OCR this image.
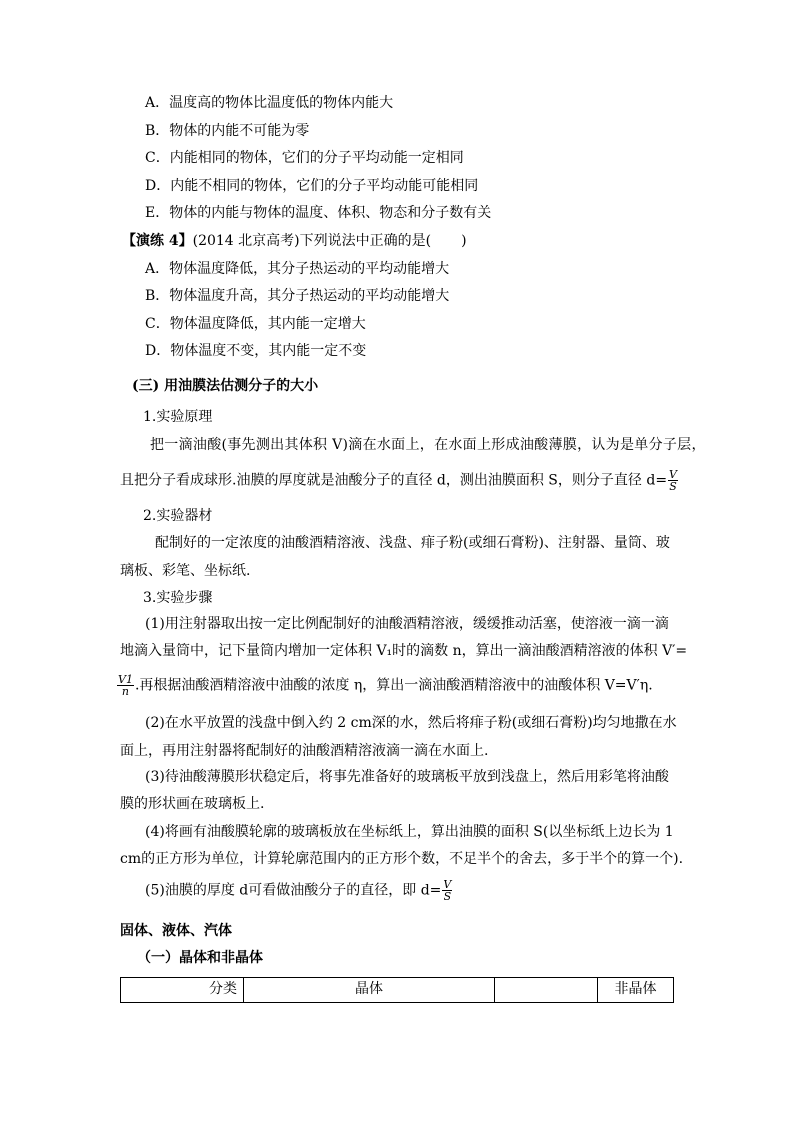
A．温度高的物体比温度低的物体内能大
B．物体的内能不可能为零
C．内能相同的物体，它们的分子平均动能一定相同
D．内能不相同的物体，它们的分子平均动能可能相同
E．物体的内能与物体的温度、体积、物态和分子数有关
【演练 4】(2014 北京高考)下列说法中正确的是( )
A．物体温度降低，其分子热运动的平均动能增大
B．物体温度升高，其分子热运动的平均动能增大
C．物体温度降低，其内能一定增大
D．物体温度不变，其内能一定不变
(三) 用油膜法估测分子的大小
1.实验原理
把一滴油酸(事先测出其体积 V)滴在水面上，在水面上形成油酸薄膜，认为是单分子层，
且把分子看成球形.油膜的厚度就是油酸分子的直径 d，测出油膜面积 S，则分子直径 $d= \frac{V}{S}$
2.实验器材
配制好的一定浓度的油酸酒精溶液、浅盘、痱子粉(或细石膏粉)、注射器、量筒、玻
璃板、彩笔、坐标纸.
3.实验步骤
(1)用注射器取出按一定比例配制好的油酸酒精溶液，缓缓推动活塞，使溶液一滴一滴
地滴入量筒中，记下量筒内增加一定体积 V₁时的滴数 n，算出一滴油酸酒精溶液的体积 V′=
$\frac{V1}{n}$ .再根据油酸酒精溶液中油酸的浓度 η，算出一滴油酸酒精溶液中的油酸体积 V=V′η.
(2)在水平放置的浅盘中倒入约 2 cm深的水，然后将痱子粉(或细石膏粉)均匀地撒在水
面上，再用注射器将配制好的油酸酒精溶液滴一滴在水面上.
(3)待油酸薄膜形状稳定后，将事先准备好的玻璃板平放到浅盘上，然后用彩笔将油酸
膜的形状画在玻璃板上.
(4)将画有油酸膜轮廓的玻璃板放在坐标纸上，算出油膜的面积 S(以坐标纸上边长为 1
cm的正方形为单位，计算轮廓范围内的正方形个数，不足半个的舍去，多于半个的算一个).
(5)油膜的厚度 d可看做油酸分子的直径，即 $d= \frac{V}{S}$
固体、液体、汽体
（一）晶体和非晶体
分类	晶体		非晶体
